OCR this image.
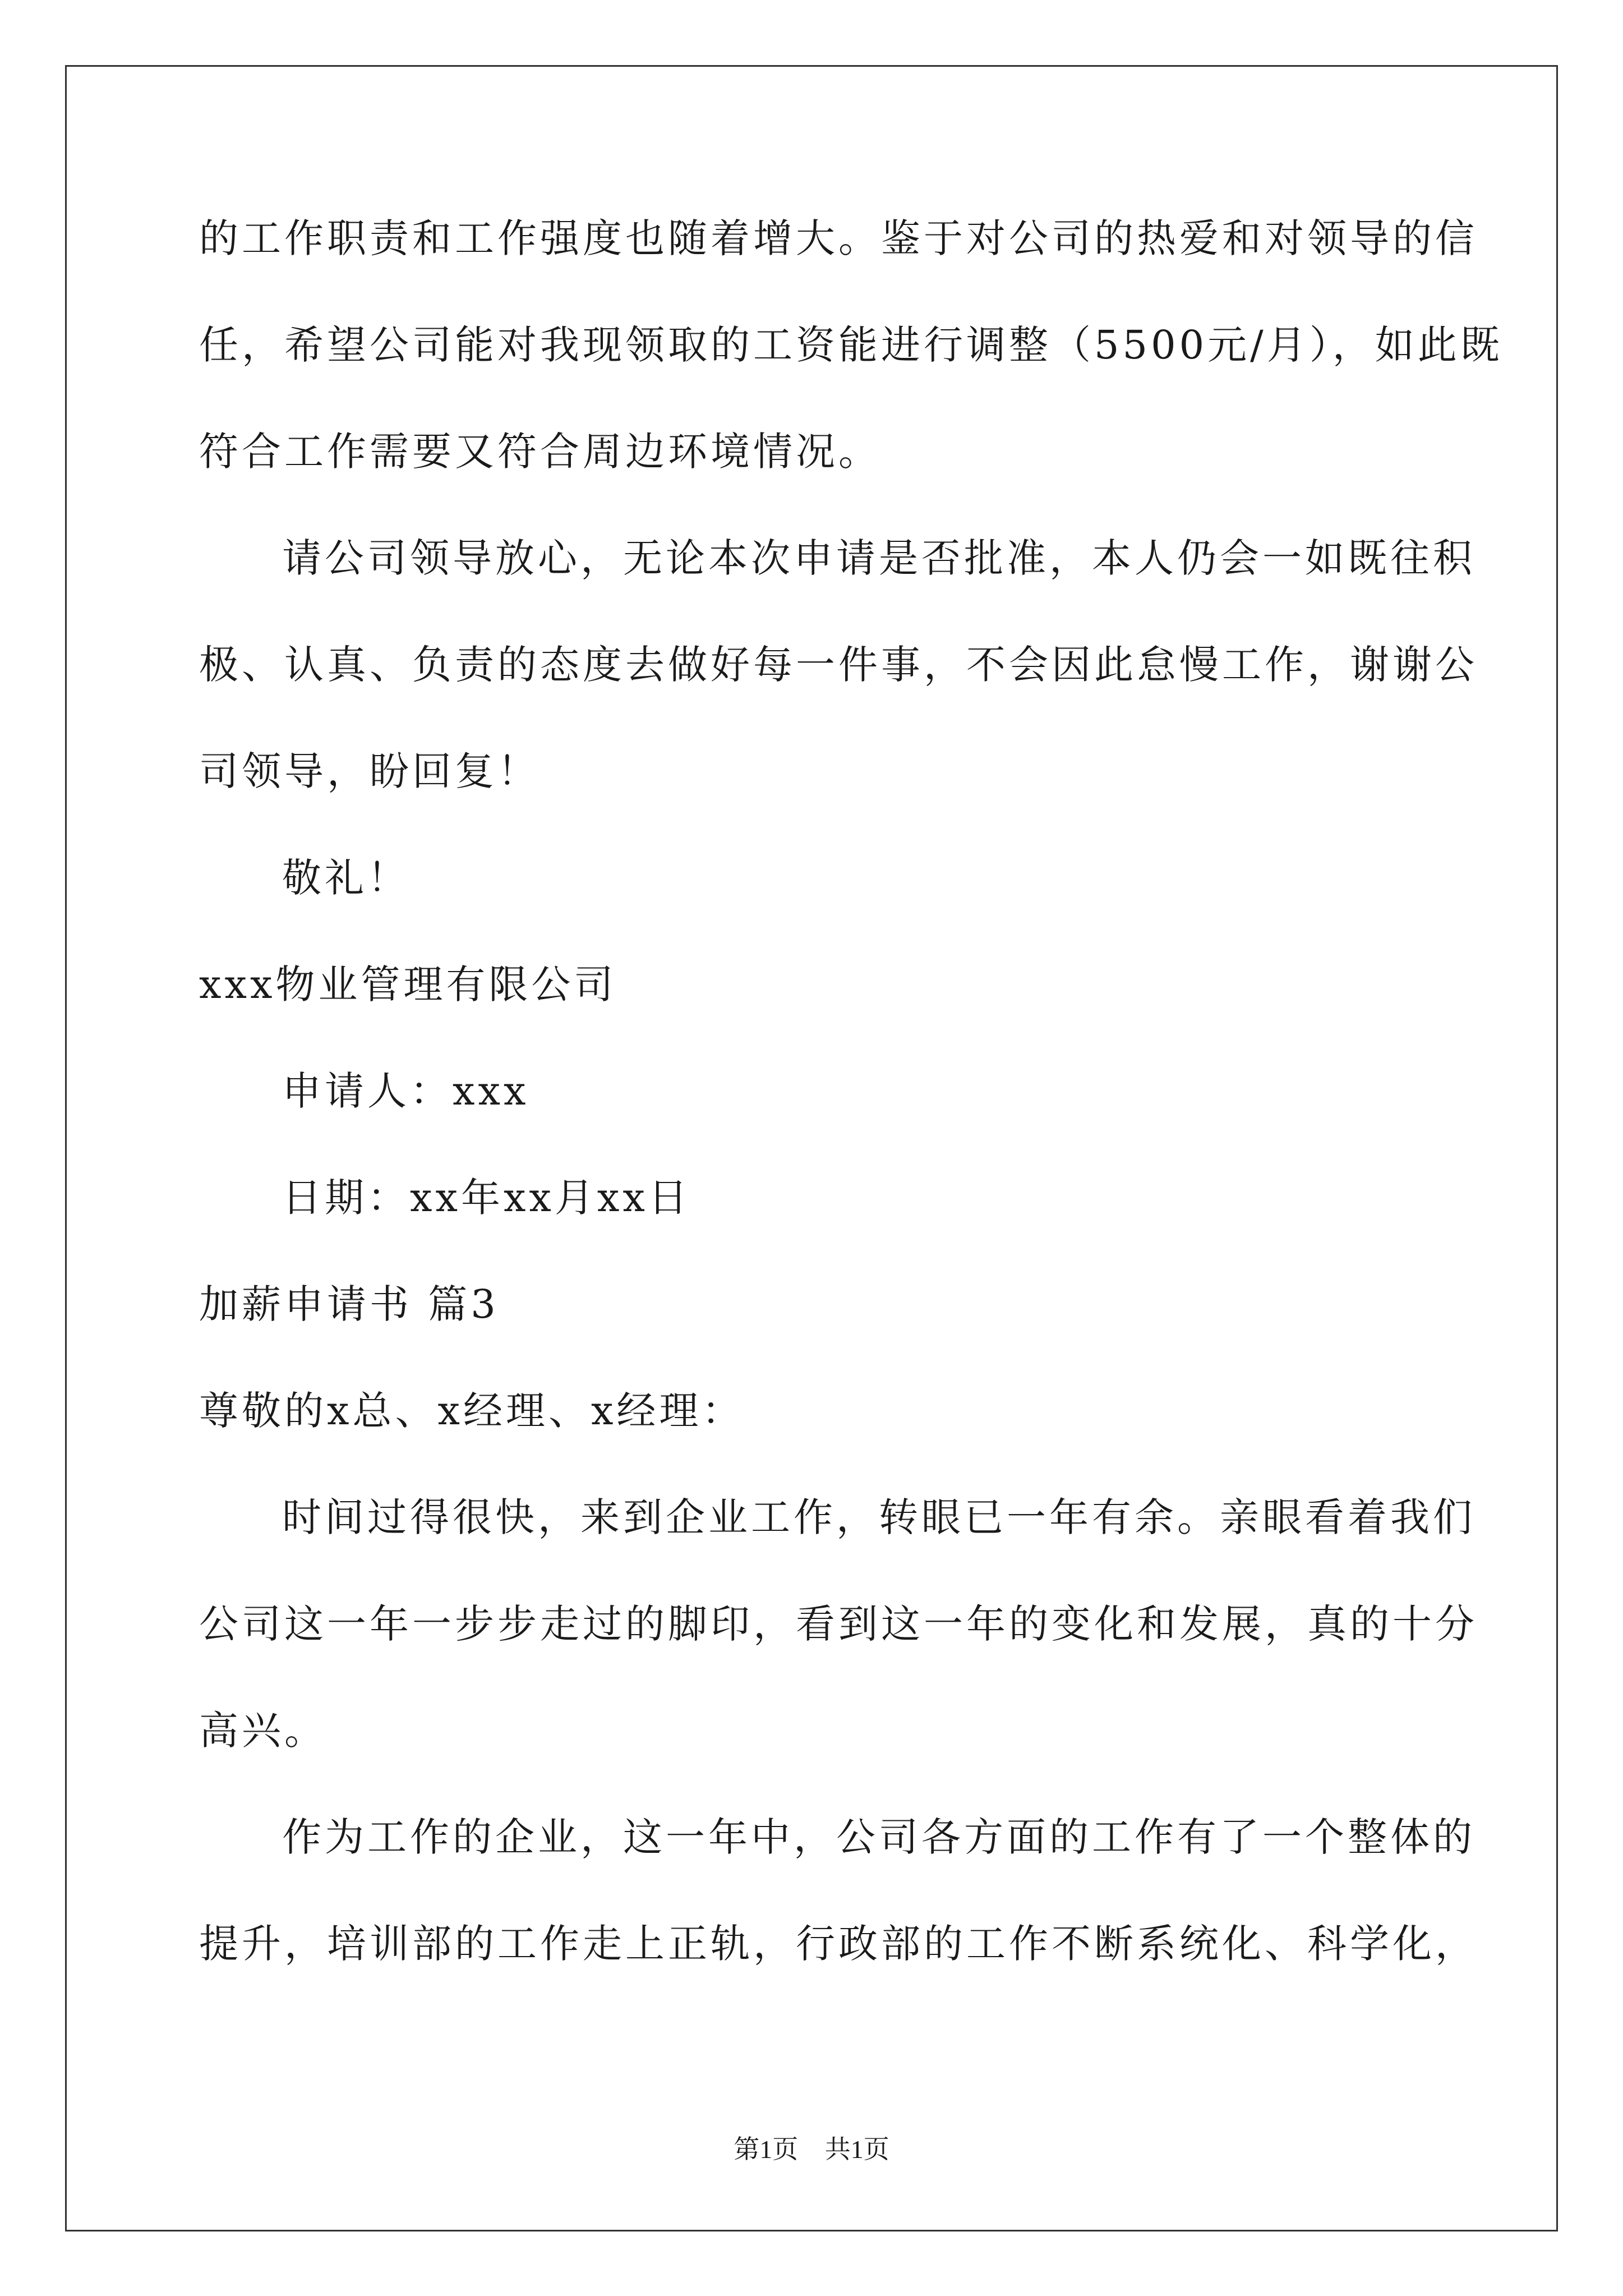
的工作职责和工作强度也随着增大。鉴于对公司的热爱和对领导的信
任，希望公司能对我现领取的工资能进行调整（5500元/月），如此既
符合工作需要又符合周边环境情况。
请公司领导放心，无论本次申请是否批准，本人仍会一如既往积
极、认真、负责的态度去做好每一件事，不会因此怠慢工作，谢谢公
司领导，盼回复！
敬礼！
xxx物业管理有限公司
申请人：xxx
日期：xx年xx月xx日
加薪申请书 篇3
尊敬的x总、x经理、x经理：
时间过得很快，来到企业工作，转眼已一年有余。亲眼看着我们
公司这一年一步步走过的脚印，看到这一年的变化和发展，真的十分
高兴。
作为工作的企业，这一年中，公司各方面的工作有了一个整体的
提升，培训部的工作走上正轨，行政部的工作不断系统化、科学化，
第1页 共1页
